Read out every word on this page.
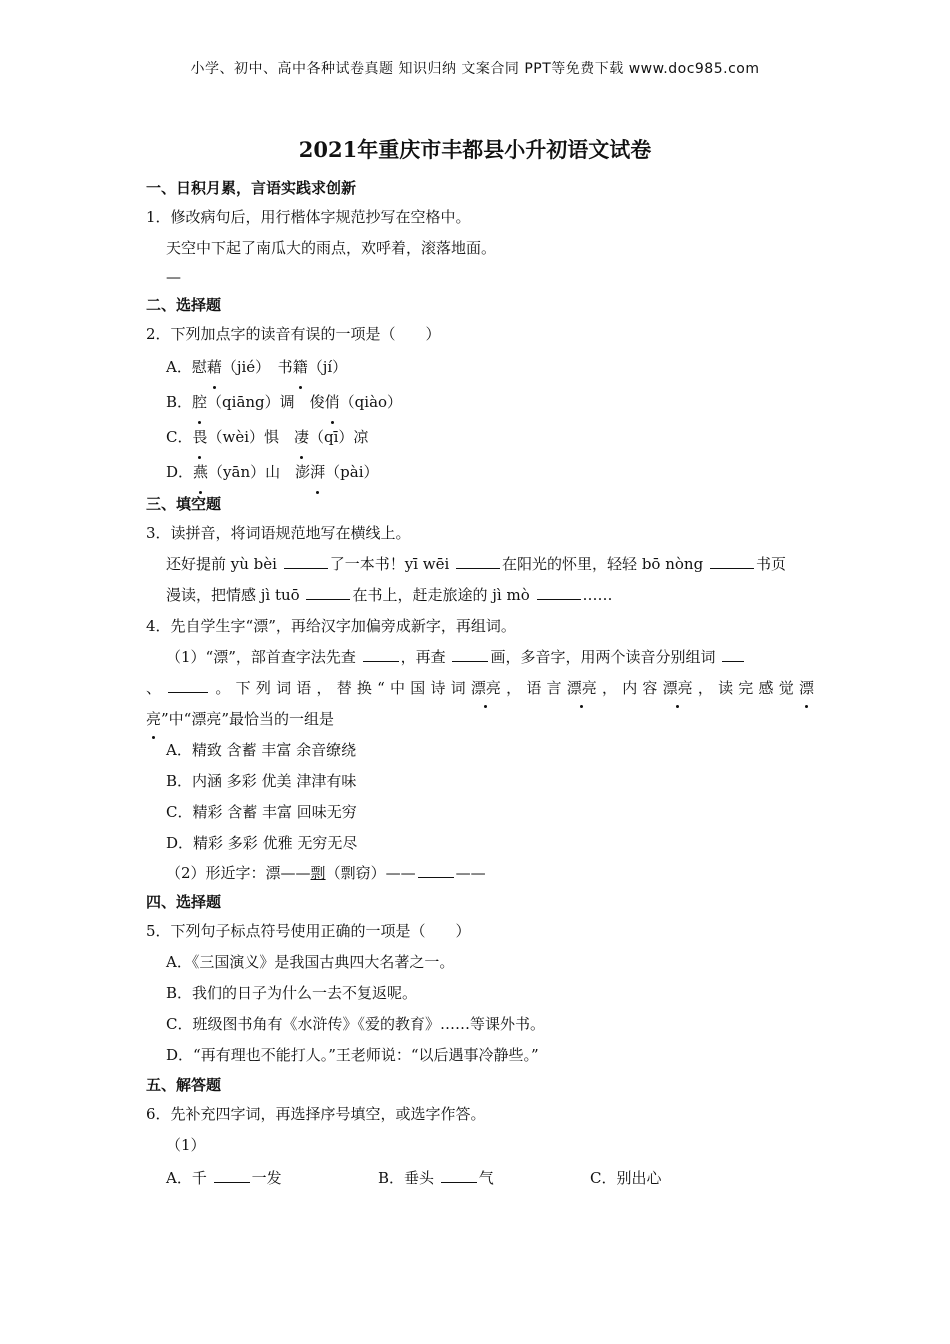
小学、初中、高中各种试卷真题 知识归纳 文案合同 PPT等免费下载 www.doc985.com
2021年重庆市丰都县小升初语文试卷
一、日积月累，言语实践求创新
1．修改病句后，用行楷体字规范抄写在空格中。
天空中下起了南瓜大的雨点，欢呼着，滚落地面。
—
二、选择题
2．下列加点字的读音有误的一项是（　　）
A．慰藉（jié）　书籍（jí）
B．腔（qiāng）调　俊俏（qiào）
C．畏（wèi）惧　凄（qī）凉
D．燕（yān）山　澎湃（pài）
三、填空题
3．读拼音，将词语规范地写在横线上。
还好提前 yù bèi	了一本书！yī wēi	在阳光的怀里，轻轻 bō nòng	书页
漫读，把情感 jì tuō	在书上，赶走旅途的 jì mò	……
4．先自学生字“漂”，再给汉字加偏旁成新字，再组词。
（1）“漂”，部首查字法先查	，再查	画，多音字，用两个读音分别组词
、	。下列词语，替换“中国诗词漂亮，语言漂亮，内容漂亮，读完感觉漂
亮”中“漂亮”最恰当的一组是
A．精致 含蓄 丰富 余音缭绕
B．内涵 多彩 优美 津津有味
C．精彩 含蓄 丰富 回味无穷
D．精彩 多彩 优雅 无穷无尽
（2）形近字：漂——剽（剽窃）——	——
四、选择题
5．下列句子标点符号使用正确的一项是（　　）
A．《三国演义》是我国古典四大名著之一。
B．我们的日子为什么一去不复返呢。
C．班级图书角有《水浒传》《爱的教育》……等课外书。
D．“再有理也不能打人。”王老师说：“以后遇事冷静些。”
五、解答题
6．先补充四字词，再选择序号填空，或选字作答。
（1）
A．千	一发	B．垂头	气	C．别出心
